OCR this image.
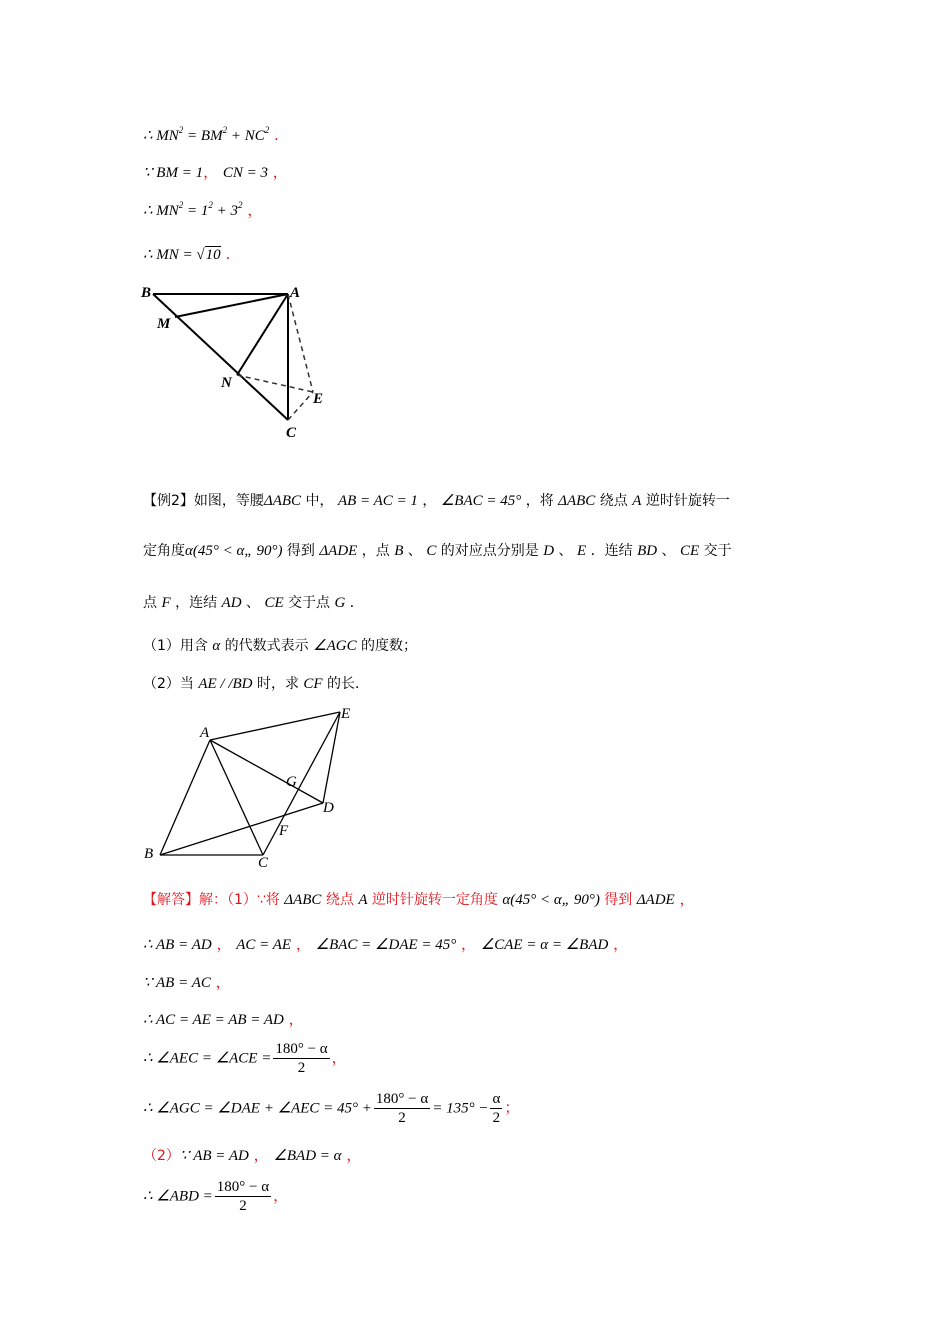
∴ $MN^2 = BM^2 + NC^2$ .
∵ BM = 1， CN = 3 ，
∴ $MN^2 = 1^2 + 3^2$ ，
∴ MN = √10 .
B	A
M
N
E
C
【例2】如图，等腰ΔABC 中， AB = AC = 1 ， ∠BAC = 45° ，将 ΔABC 绕点 A 逆时针旋转一
定角度α(45° < α„ 90°) 得到 ΔADE ，点 B 、 C 的对应点分别是 D 、 E ．连结 BD 、 CE 交于
点 F ，连结 AD 、 CE 交于点 G ．
（1）用含 α 的代数式表示 ∠AGC 的度数；
（2）当 AE / /BD 时，求 CF 的长．
A
E
G
D
F
B
C
【解答】解：（1）∵将 ΔABC 绕点 A 逆时针旋转一定角度 α(45° < α„ 90°) 得到 ΔADE ，
∴ AB = AD ， AC = AE ， ∠BAC = ∠DAE = 45° ， ∠CAE = α = ∠BAD ，
∵ AB = AC ，
∴ AC = AE = AB = AD ，
∴ ∠AEC = ∠ACE = $\frac{180^\circ - \alpha}{2}$ ，
∴ ∠AGC = ∠DAE + ∠AEC = $45^\circ + \frac{180^\circ - \alpha}{2} = 135^\circ - \frac{\alpha}{2}$ ；
（2）∵ AB = AD ， ∠BAD = α ，
∴ ∠ABD = $\frac{180^\circ - \alpha}{2}$ ，
